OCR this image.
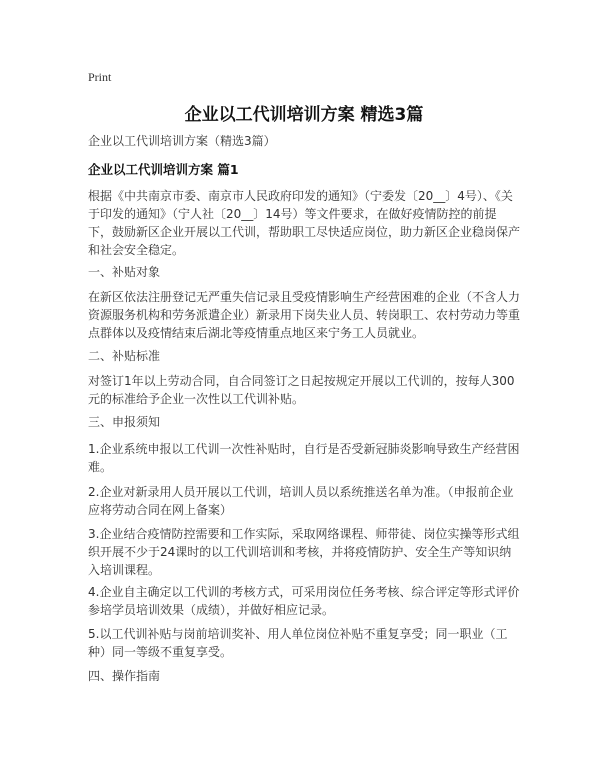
Print
企业以工代训培训方案 精选3篇
企业以工代训培训方案（精选3篇）
企业以工代训培训方案 篇1
根据《中共南京市委、南京市人民政府印发的通知》（宁委发〔20__〕4号）、《关于印发的通知》（宁人社〔20__〕14号）等文件要求，在做好疫情防控的前提下，鼓励新区企业开展以工代训，帮助职工尽快适应岗位，助力新区企业稳岗保产和社会安全稳定。
一、补贴对象
在新区依法注册登记无严重失信记录且受疫情影响生产经营困难的企业（不含人力资源服务机构和劳务派遣企业）新录用下岗失业人员、转岗职工、农村劳动力等重点群体以及疫情结束后湖北等疫情重点地区来宁务工人员就业。
二、补贴标准
对签订1年以上劳动合同，自合同签订之日起按规定开展以工代训的，按每人300元的标准给予企业一次性以工代训补贴。
三、申报须知
1.企业系统申报以工代训一次性补贴时，自行是否受新冠肺炎影响导致生产经营困难。
2.企业对新录用人员开展以工代训，培训人员以系统推送名单为准。（申报前企业应将劳动合同在网上备案）
3.企业结合疫情防控需要和工作实际，采取网络课程、师带徒、岗位实操等形式组织开展不少于24课时的以工代训培训和考核，并将疫情防护、安全生产等知识纳入培训课程。
4.企业自主确定以工代训的考核方式，可采用岗位任务考核、综合评定等形式评价参培学员培训效果（成绩），并做好相应记录。
5.以工代训补贴与岗前培训奖补、用人单位岗位补贴不重复享受；同一职业（工种）同一等级不重复享受。
四、操作指南
